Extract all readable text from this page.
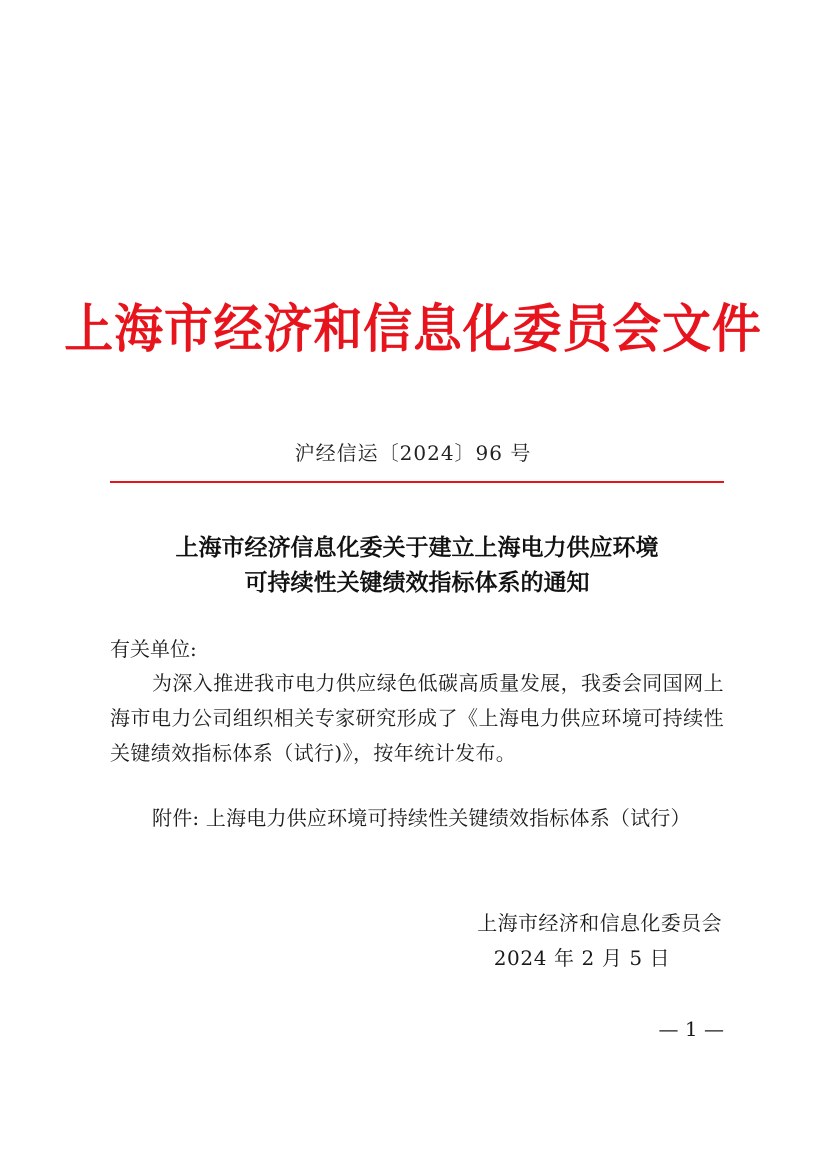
上海市经济和信息化委员会文件
沪经信运〔2024〕96 号
上海市经济信息化委关于建立上海电力供应环境
可持续性关键绩效指标体系的通知
有关单位:
为深入推进我市电力供应绿色低碳高质量发展，我委会同国网上海市电力公司组织相关专家研究形成了《上海电力供应环境可持续性关键绩效指标体系（试行)》，按年统计发布。
附件: 上海电力供应环境可持续性关键绩效指标体系（试行）
上海市经济和信息化委员会
2024 年 2 月 5 日
— 1 —
